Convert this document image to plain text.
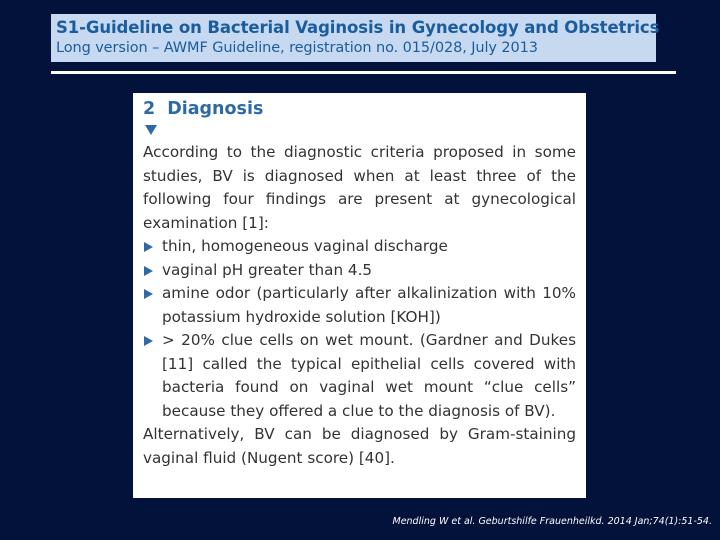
S1-Guideline on Bacterial Vaginosis in Gynecology and Obstetrics
Long version – AWMF Guideline, registration no. 015/028, July 2013
2 Diagnosis

According to the diagnostic criteria proposed in some studies, BV is diagnosed when at least three of the following four findings are present at gynecological examination [1]:

thin, homogeneous vaginal discharge
vaginal pH greater than 4.5
amine odor (particularly after alkalinization with 10% potassium hydroxide solution [KOH])
> 20% clue cells on wet mount. (Gardner and Dukes [11] called the typical epithelial cells covered with bacteria found on vaginal wet mount “clue cells” because they offered a clue to the diagnosis of BV).

Alternatively, BV can be diagnosed by Gram-staining vaginal fluid (Nugent score) [40].

Mendling W et al. Geburtshilfe Frauenheilkd. 2014 Jan;74(1):51-54.
